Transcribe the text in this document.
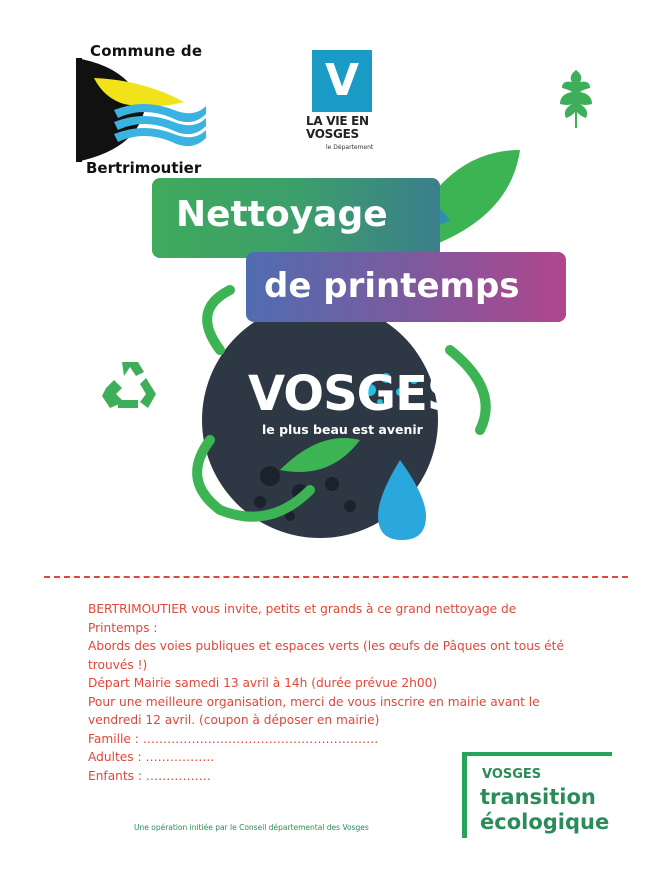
Commune de
Bertrimoutier
V
LA VIE EN
VOSGES
le Département
Nettoyage
de printemps
VOSGES
le plus beau est avenir
BERTRIMOUTIER vous invite, petits et grands à ce grand nettoyage de
Printemps :
Abords des voies publiques et espaces verts (les œufs de Pâques ont tous été
trouvés !)
Départ Mairie samedi 13 avril à 14h (durée prévue 2h00)
Pour une meilleure organisation, merci de vous inscrire en mairie avant le
vendredi 12 avril. (coupon à déposer en mairie)
Famille : ………………………………………………….
Adultes : ……………..
Enfants : …………….	VOSGES
transition
écologique
Une opération initiée par le Conseil départemental des Vosges
